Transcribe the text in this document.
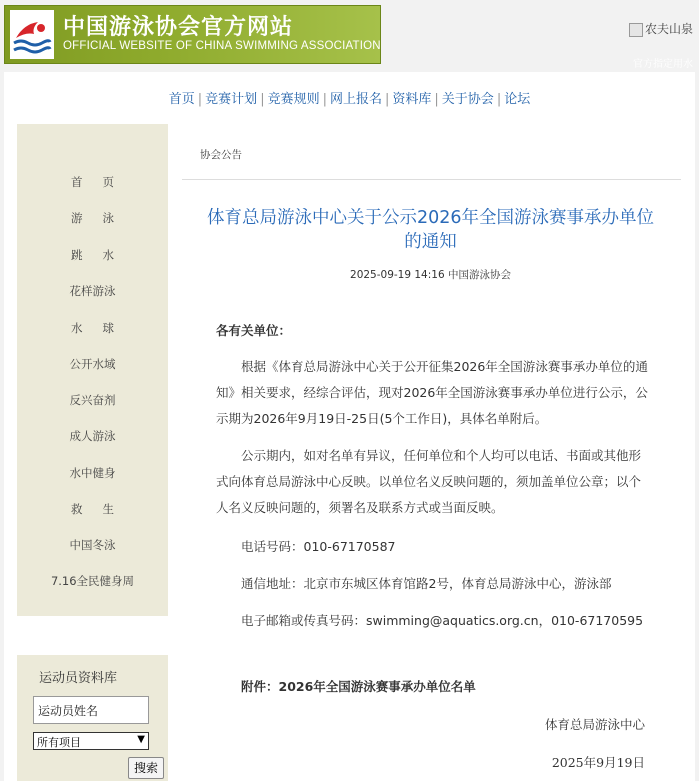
中国游泳协会官方网站
OFFICIAL WEBSITE OF CHINA SWIMMING ASSOCIATION
农夫山泉
官方指定用水
首页 | 竞赛计划 | 竞赛规则 | 网上报名 | 资料库 | 关于协会 | 论坛
首页
游泳
跳水
花样游泳
水球
公开水域
反兴奋剂
成人游泳
水中健身
救生
中国冬泳
7.16全民健身周
运动员资料库
运动员姓名
所有项目	▼
搜索
协会公告
体育总局游泳中心关于公示2026年全国游泳赛事承办单位的通知
2025-09-19 14:16 中国游泳协会
各有关单位：
根据《体育总局游泳中心关于公开征集2026年全国游泳赛事承办单位的通知》相关要求，经综合评估，现对2026年全国游泳赛事承办单位进行公示，公示期为2026年9月19日-25日(5个工作日)，具体名单附后。
公示期内，如对名单有异议，任何单位和个人均可以电话、书面或其他形式向体育总局游泳中心反映。以单位名义反映问题的，须加盖单位公章；以个人名义反映问题的，须署名及联系方式或当面反映。
电话号码：010-67170587
通信地址：北京市东城区体育馆路2号，体育总局游泳中心，游泳部
电子邮箱或传真号码：swimming@aquatics.org.cn，010-67170595
附件：2026年全国游泳赛事承办单位名单
体育总局游泳中心
2025年9月19日
